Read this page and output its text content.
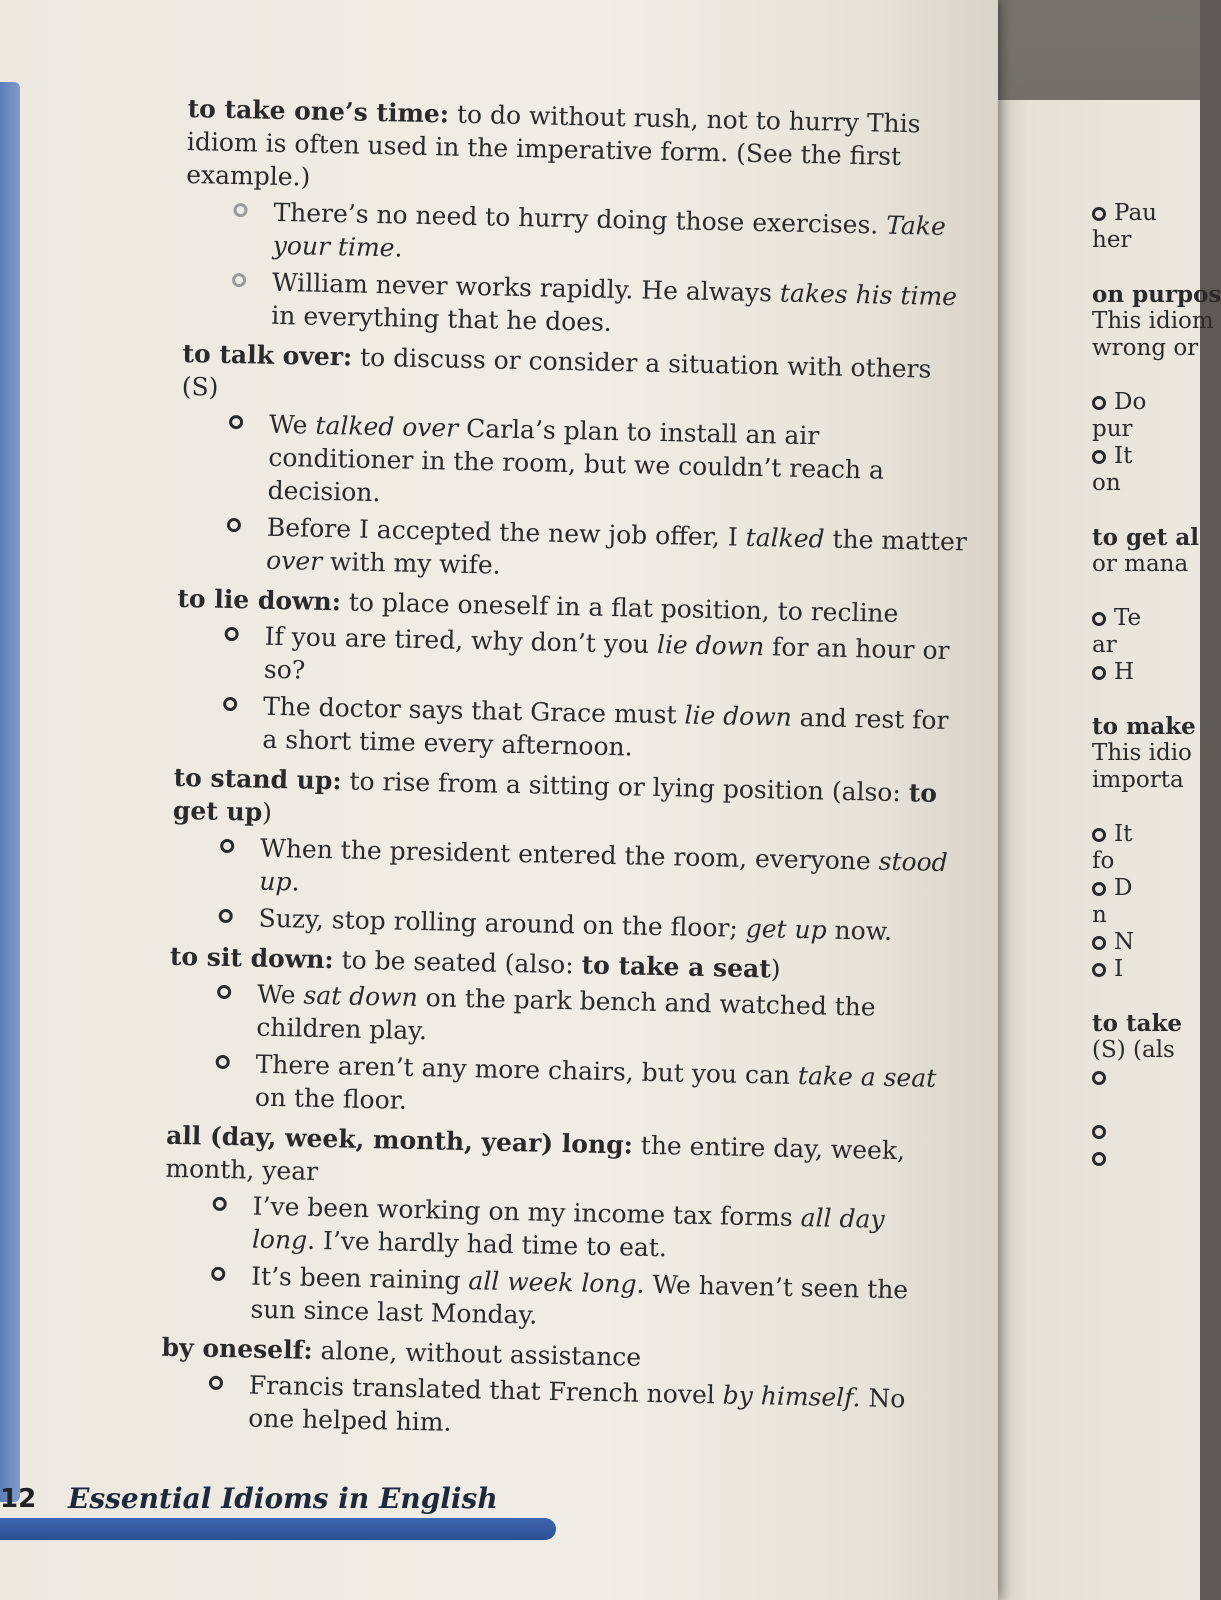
Pau
her
on purpos
This idiom
wrong or
Do
pur
It
on
to get al
or mana
Te
ar
H
to make
This idio
importa
It
fo
D
n
N
I
to take
(S) (als
to take one’s time: to do without rush, not to hurry This idiom is often used in the imperative form. (See the first example.)
There’s no need to hurry doing those exercises. Take your time.
William never works rapidly. He always takes his time in everything that he does.
to talk over: to discuss or consider a situation with others (S)
We talked over Carla’s plan to install an air conditioner in the room, but we couldn’t reach a decision.
Before I accepted the new job offer, I talked the matter over with my wife.
to lie down: to place oneself in a flat position, to recline
If you are tired, why don’t you lie down for an hour or so?
The doctor says that Grace must lie down and rest for a short time every afternoon.
to stand up: to rise from a sitting or lying position (also: to get up)
When the president entered the room, everyone stood up.
Suzy, stop rolling around on the floor; get up now.
to sit down: to be seated (also: to take a seat)
We sat down on the park bench and watched the children play.
There aren’t any more chairs, but you can take a seat on the floor.
all (day, week, month, year) long: the entire day, week, month, year
I’ve been working on my income tax forms all day long. I’ve hardly had time to eat.
It’s been raining all week long. We haven’t seen the sun since last Monday.
by oneself: alone, without assistance
Francis translated that French novel by himself. No one helped him.
12 Essential Idioms in English
